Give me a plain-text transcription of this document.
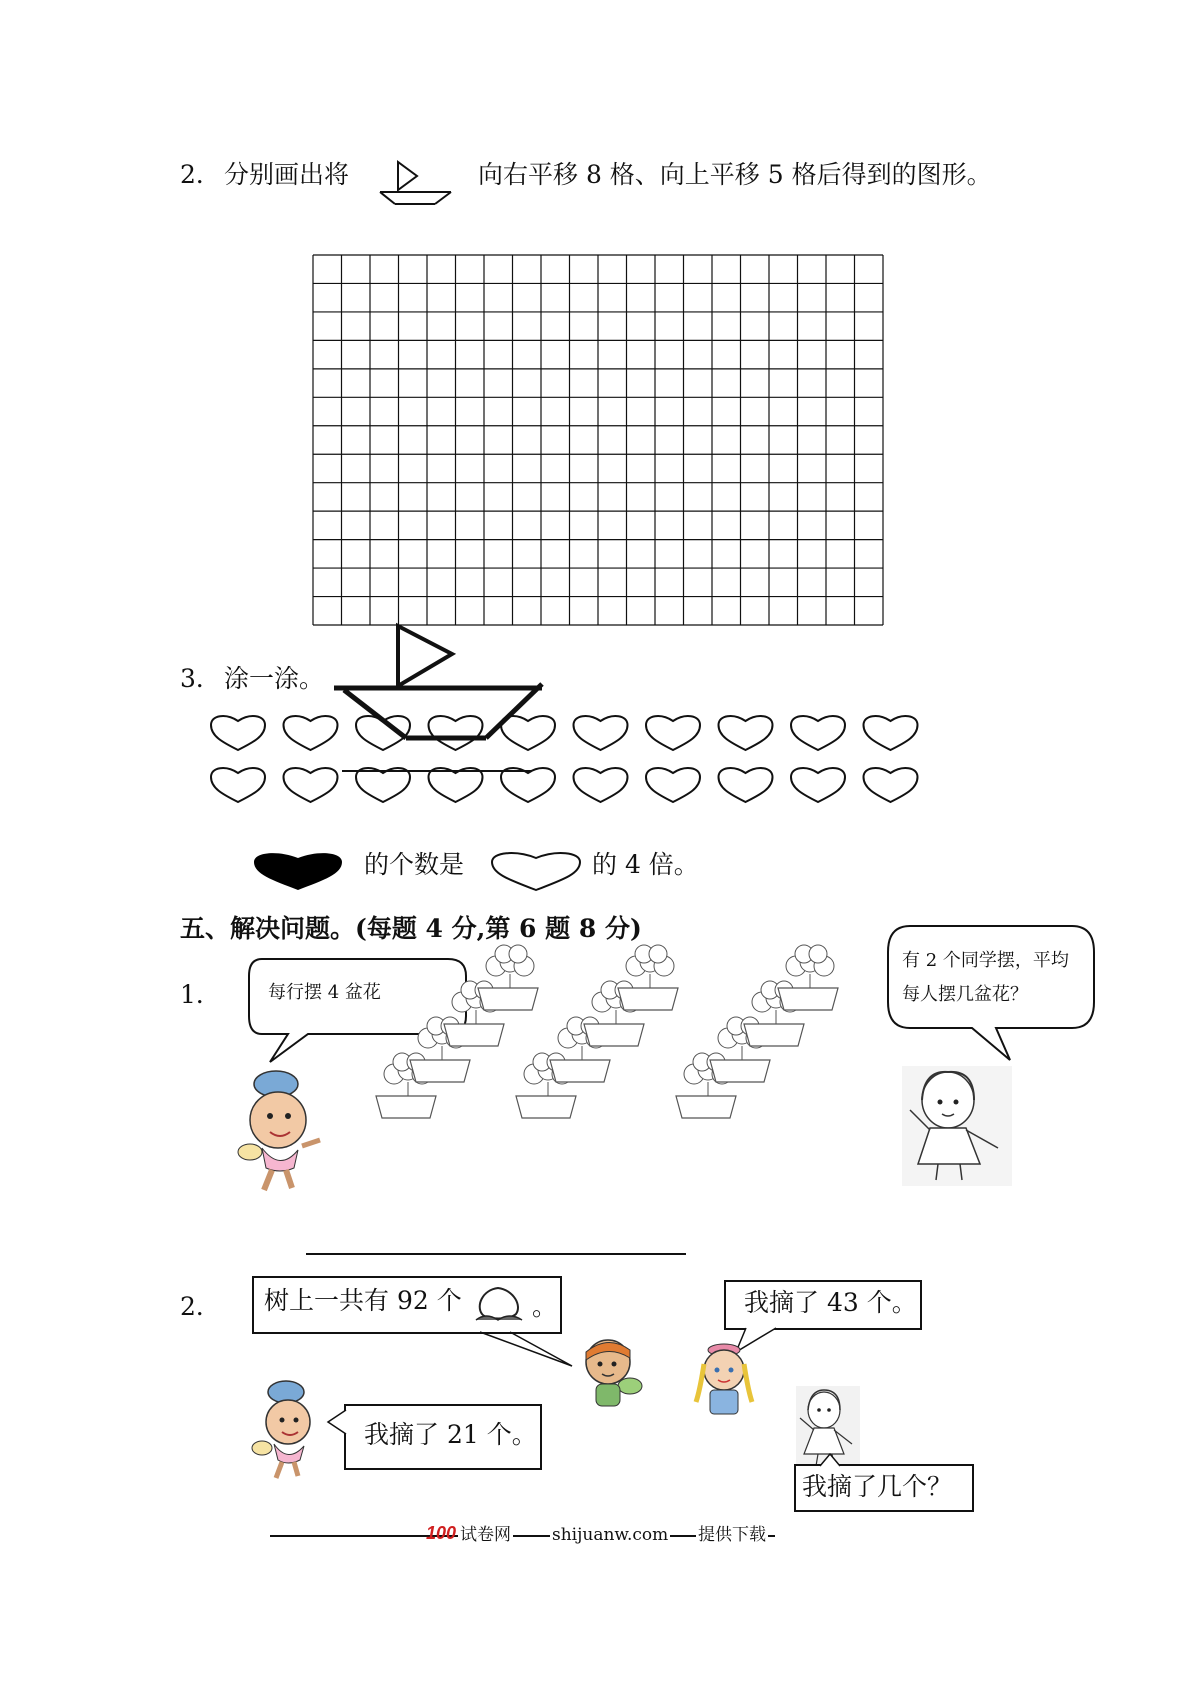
2． 分别画出将	向右平移 8 格、向上平移 5 格后得到的图形。
3． 涂一涂。
的个数是	的 4 倍。
五、解决问题。(每题 4 分,第 6 题 8 分)
1．	每行摆 4 盆花
有 2 个同学摆，平均
每人摆几盆花？
2．	树上一共有 92 个	。	我摘了 43 个。
我摘了 21 个。
我摘了几个？
100 试卷网 shijuanw.com 提供下载
